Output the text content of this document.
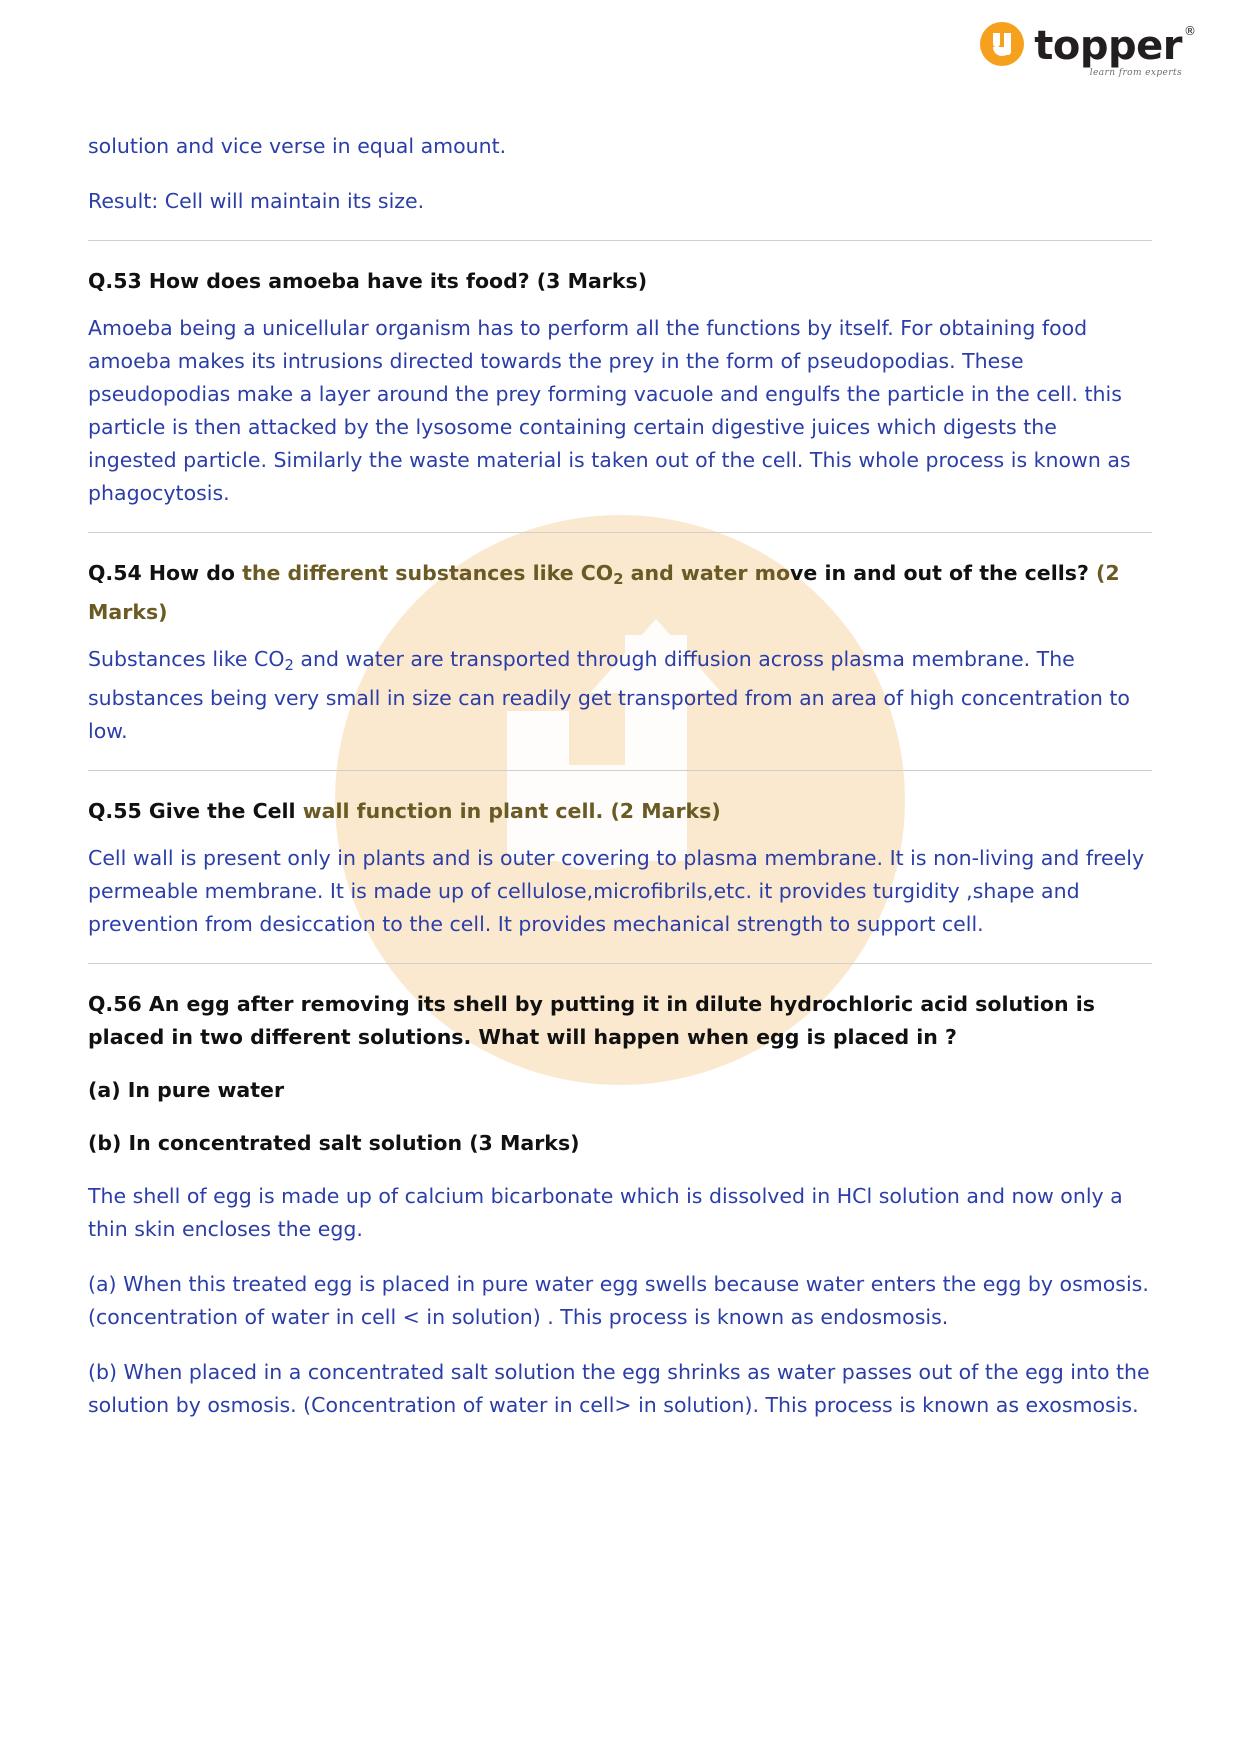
topper ®
learn from experts

solution and vice verse in equal amount.

Result: Cell will maintain its size.

Q.53 How does amoeba have its food? (3 Marks)

Amoeba being a unicellular organism has to perform all the functions by itself. For obtaining food amoeba makes its intrusions directed towards the prey in the form of pseudopodias. These pseudopodias make a layer around the prey forming vacuole and engulfs the particle in the cell. this particle is then attacked by the lysosome containing certain digestive juices which digests the ingested particle. Similarly the waste material is taken out of the cell. This whole process is known as phagocytosis.

Q.54 How do the different substances like $CO_2$ and water move in and out of the cells? (2 Marks)

Substances like $CO_2$ and water are transported through diffusion across plasma membrane. The substances being very small in size can readily get transported from an area of high concentration to low.

Q.55 Give the Cell wall function in plant cell. (2 Marks)

Cell wall is present only in plants and is outer covering to plasma membrane. It is non-living and freely permeable membrane. It is made up of cellulose,microfibrils,etc. it provides turgidity ,shape and prevention from desiccation to the cell. It provides mechanical strength to support cell.

Q.56 An egg after removing its shell by putting it in dilute hydrochloric acid solution is placed in two different solutions. What will happen when egg is placed in ?

(a) In pure water

(b) In concentrated salt solution (3 Marks)

The shell of egg is made up of calcium bicarbonate which is dissolved in HCl solution and now only a thin skin encloses the egg.

(a) When this treated egg is placed in pure water egg swells because water enters the egg by osmosis.(concentration of water in cell < in solution) . This process is known as endosmosis.

(b) When placed in a concentrated salt solution the egg shrinks as water passes out of the egg into the solution by osmosis. (Concentration of water in cell> in solution). This process is known as exosmosis.
